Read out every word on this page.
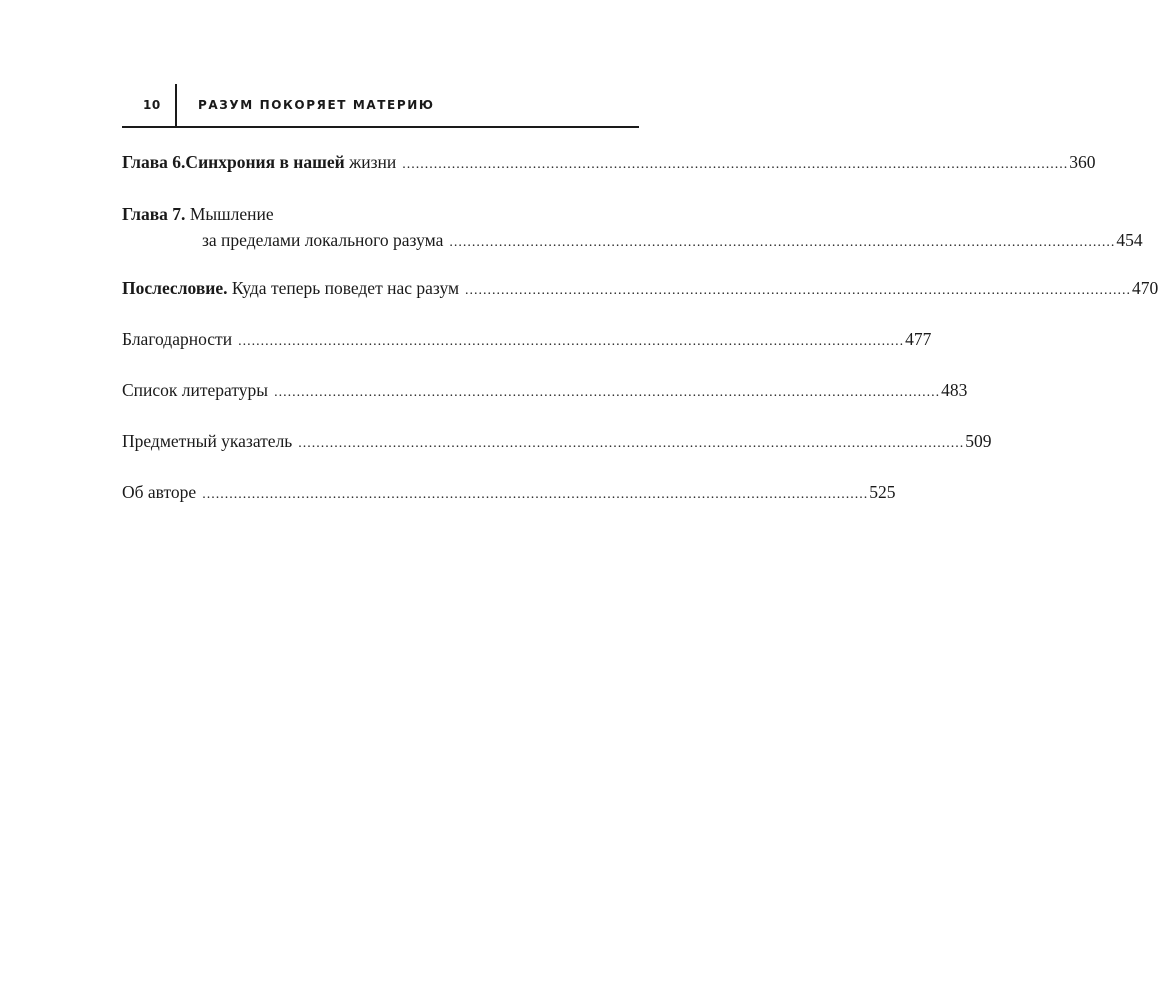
10	РАЗУМ ПОКОРЯЕТ МАТЕРИЮ
Глава 6.Синхрония в нашей жизни .................................................................................................................................................... 360
Глава 7. Мышление
за пределами локального разума .................................................................................................................................................... 454
Послесловие. Куда теперь поведет нас разум .................................................................................................................................................... 470
Благодарности .................................................................................................................................................... 477
Список литературы .................................................................................................................................................... 483
Предметный указатель .................................................................................................................................................... 509
Об авторе .................................................................................................................................................... 525
